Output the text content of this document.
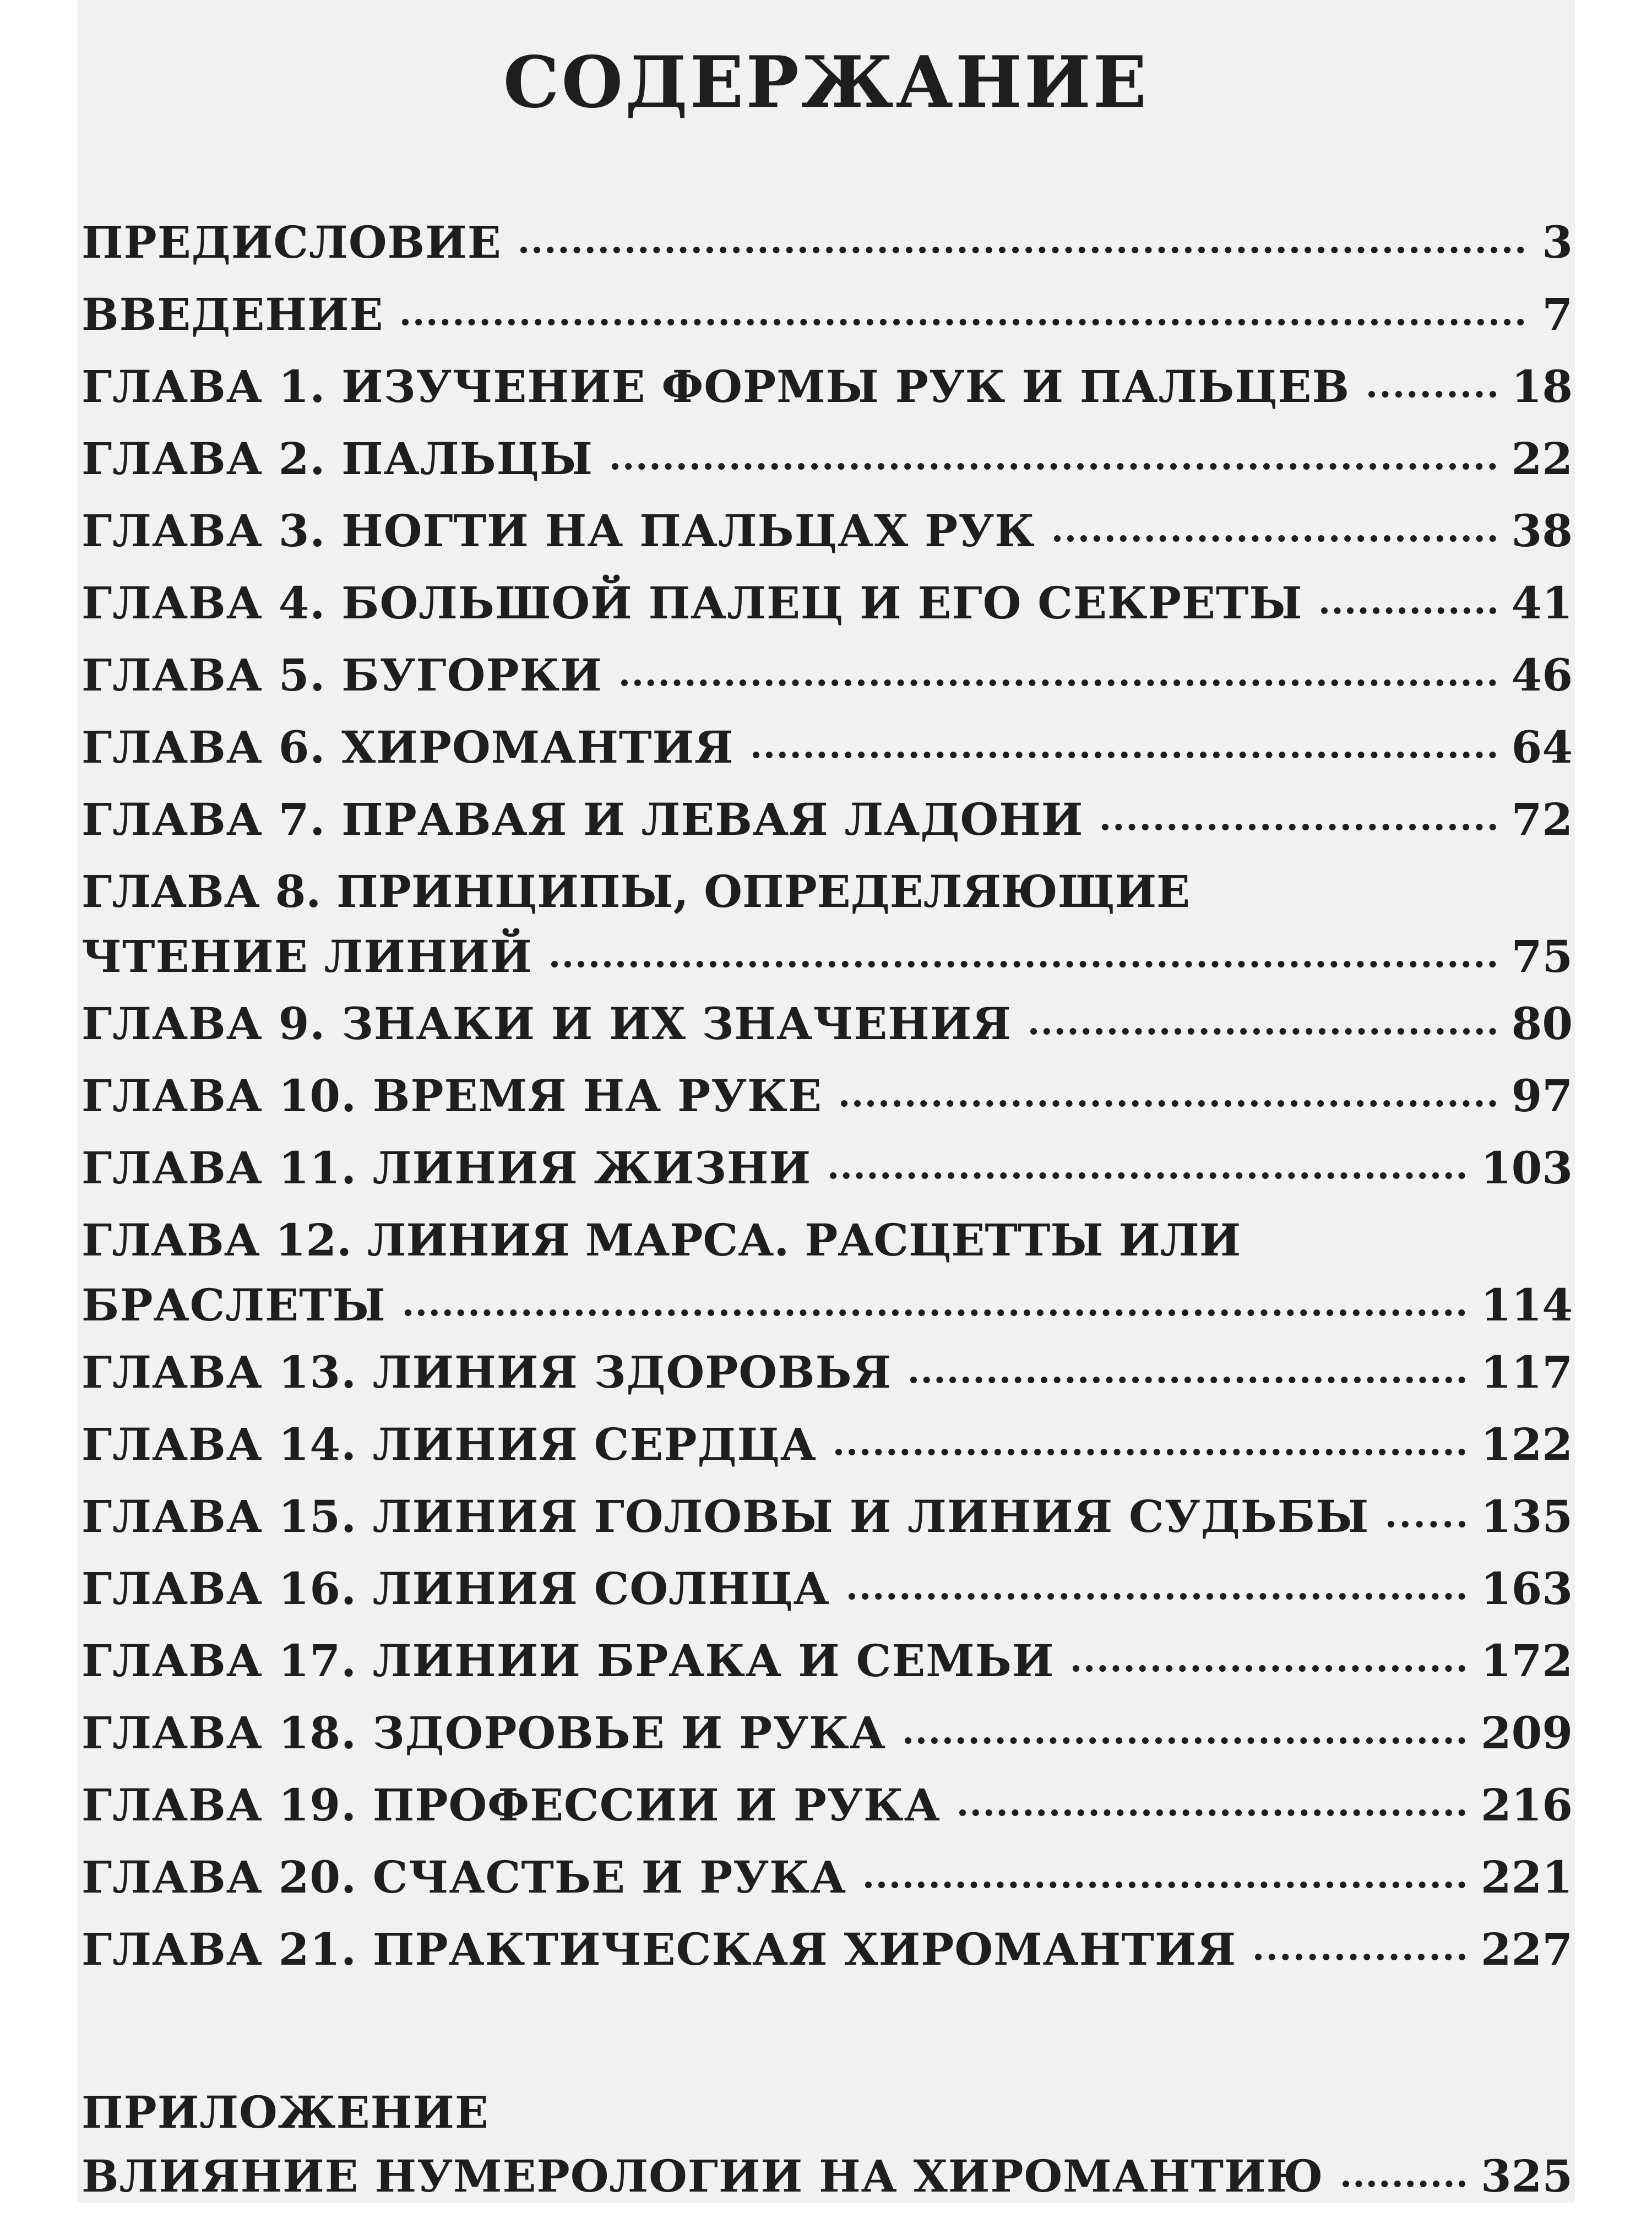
СОДЕРЖАНИЕ
ПРЕДИСЛОВИЕ	3
ВВЕДЕНИЕ	7
ГЛАВА 1. ИЗУЧЕНИЕ ФОРМЫ РУК И ПАЛЬЦЕВ	18
ГЛАВА 2. ПАЛЬЦЫ	22
ГЛАВА 3. НОГТИ НА ПАЛЬЦАХ РУК	38
ГЛАВА 4. БОЛЬШОЙ ПАЛЕЦ И ЕГО СЕКРЕТЫ	41
ГЛАВА 5. БУГОРКИ	46
ГЛАВА 6. ХИРОМАНТИЯ	64
ГЛАВА 7. ПРАВАЯ И ЛЕВАЯ ЛАДОНИ	72
ГЛАВА 8. ПРИНЦИПЫ, ОПРЕДЕЛЯЮЩИЕ
ЧТЕНИЕ ЛИНИЙ	75
ГЛАВА 9. ЗНАКИ И ИХ ЗНАЧЕНИЯ	80
ГЛАВА 10. ВРЕМЯ НА РУКЕ	97
ГЛАВА 11. ЛИНИЯ ЖИЗНИ	103
ГЛАВА 12. ЛИНИЯ МАРСА. РАСЦЕТТЫ ИЛИ
БРАСЛЕТЫ	114
ГЛАВА 13. ЛИНИЯ ЗДОРОВЬЯ	117
ГЛАВА 14. ЛИНИЯ СЕРДЦА	122
ГЛАВА 15. ЛИНИЯ ГОЛОВЫ И ЛИНИЯ СУДЬБЫ	135
ГЛАВА 16. ЛИНИЯ СОЛНЦА	163
ГЛАВА 17. ЛИНИИ БРАКА И СЕМЬИ	172
ГЛАВА 18. ЗДОРОВЬЕ И РУКА	209
ГЛАВА 19. ПРОФЕССИИ И РУКА	216
ГЛАВА 20. СЧАСТЬЕ И РУКА	221
ГЛАВА 21. ПРАКТИЧЕСКАЯ ХИРОМАНТИЯ	227
ПРИЛОЖЕНИЕ
ВЛИЯНИЕ НУМЕРОЛОГИИ НА ХИРОМАНТИЮ	325
